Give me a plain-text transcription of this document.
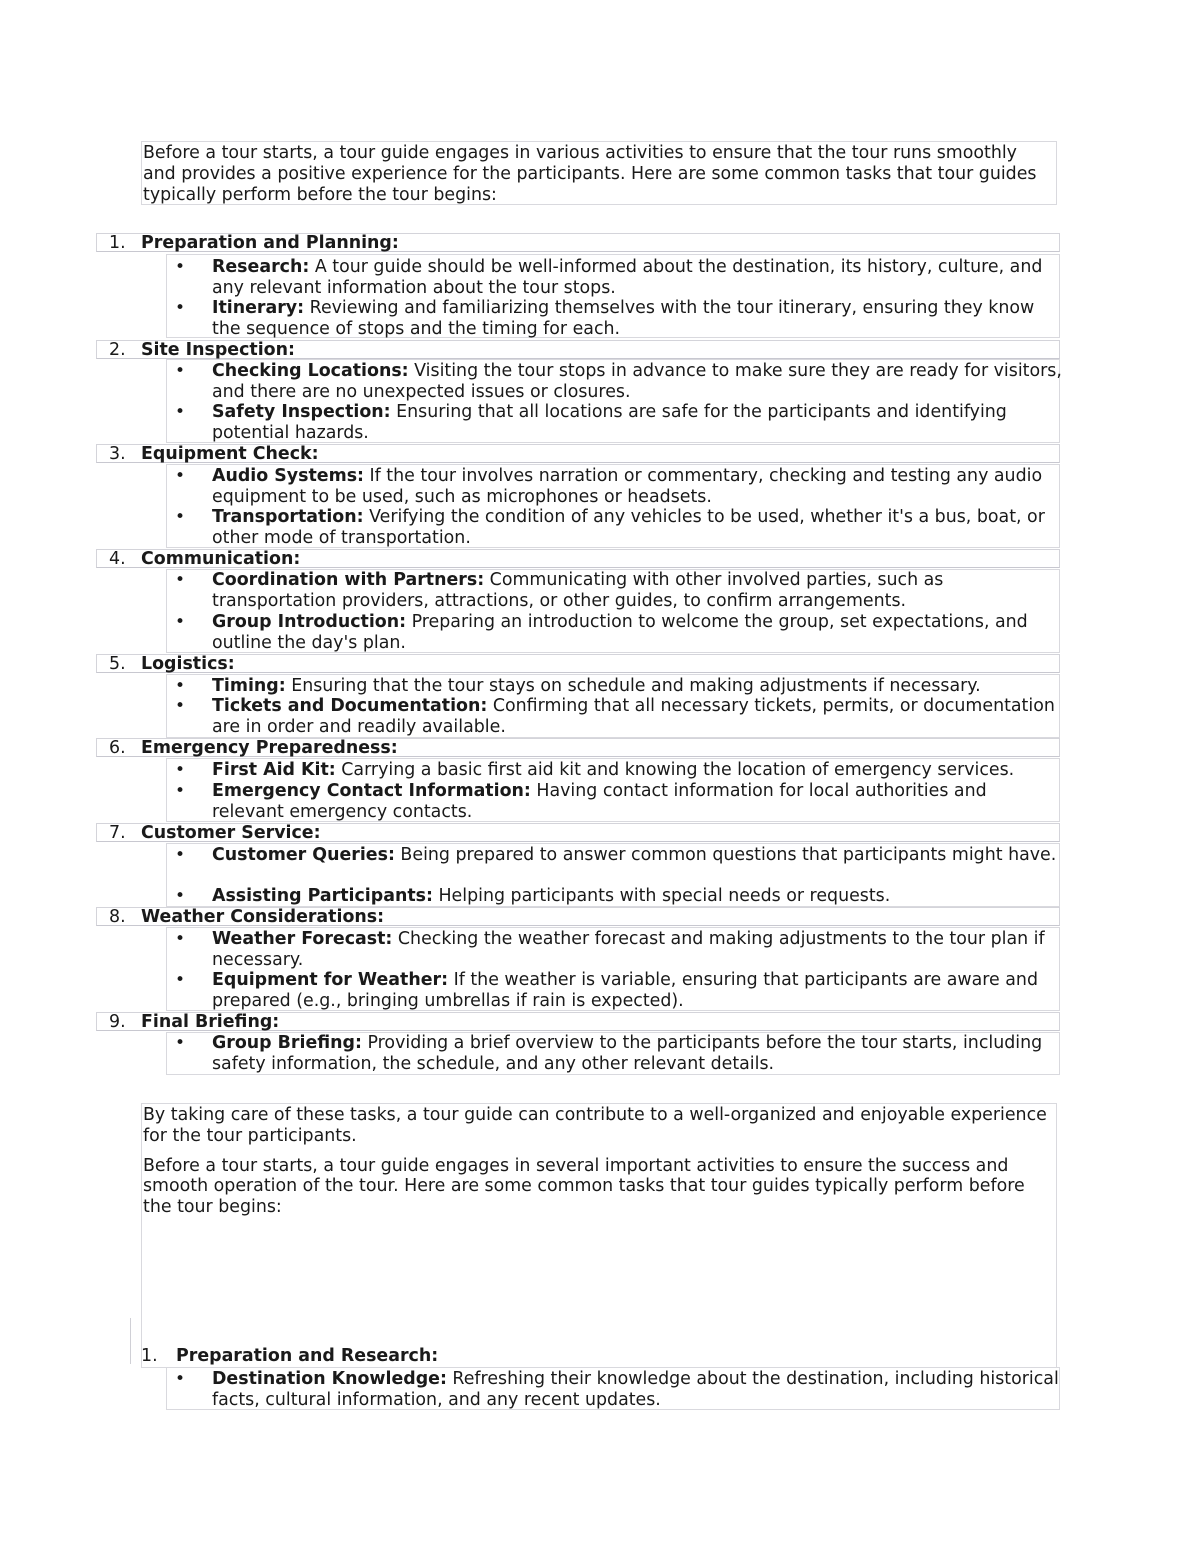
Before a tour starts, a tour guide engages in various activities to ensure that the tour runs smoothly and provides a positive experience for the participants. Here are some common tasks that tour guides typically perform before the tour begins:

1. Preparation and Planning:
• Research: A tour guide should be well-informed about the destination, its history, culture, and any relevant information about the tour stops.
• Itinerary: Reviewing and familiarizing themselves with the tour itinerary, ensuring they know the sequence of stops and the timing for each.
2. Site Inspection:
• Checking Locations: Visiting the tour stops in advance to make sure they are ready for visitors, and there are no unexpected issues or closures.
• Safety Inspection: Ensuring that all locations are safe for the participants and identifying potential hazards.
3. Equipment Check:
• Audio Systems: If the tour involves narration or commentary, checking and testing any audio equipment to be used, such as microphones or headsets.
• Transportation: Verifying the condition of any vehicles to be used, whether it's a bus, boat, or other mode of transportation.
4. Communication:
• Coordination with Partners: Communicating with other involved parties, such as transportation providers, attractions, or other guides, to confirm arrangements.
• Group Introduction: Preparing an introduction to welcome the group, set expectations, and outline the day's plan.
5. Logistics:
• Timing: Ensuring that the tour stays on schedule and making adjustments if necessary.
• Tickets and Documentation: Confirming that all necessary tickets, permits, or documentation are in order and readily available.
6. Emergency Preparedness:
• First Aid Kit: Carrying a basic first aid kit and knowing the location of emergency services.
• Emergency Contact Information: Having contact information for local authorities and relevant emergency contacts.
7. Customer Service:
• Customer Queries: Being prepared to answer common questions that participants might have.
• Assisting Participants: Helping participants with special needs or requests.
8. Weather Considerations:
• Weather Forecast: Checking the weather forecast and making adjustments to the tour plan if necessary.
• Equipment for Weather: If the weather is variable, ensuring that participants are aware and prepared (e.g., bringing umbrellas if rain is expected).
9. Final Briefing:
• Group Briefing: Providing a brief overview to the participants before the tour starts, including safety information, the schedule, and any other relevant details.

By taking care of these tasks, a tour guide can contribute to a well-organized and enjoyable experience for the tour participants.

Before a tour starts, a tour guide engages in several important activities to ensure the success and smooth operation of the tour. Here are some common tasks that tour guides typically perform before the tour begins:

1. Preparation and Research:
• Destination Knowledge: Refreshing their knowledge about the destination, including historical facts, cultural information, and any recent updates.
